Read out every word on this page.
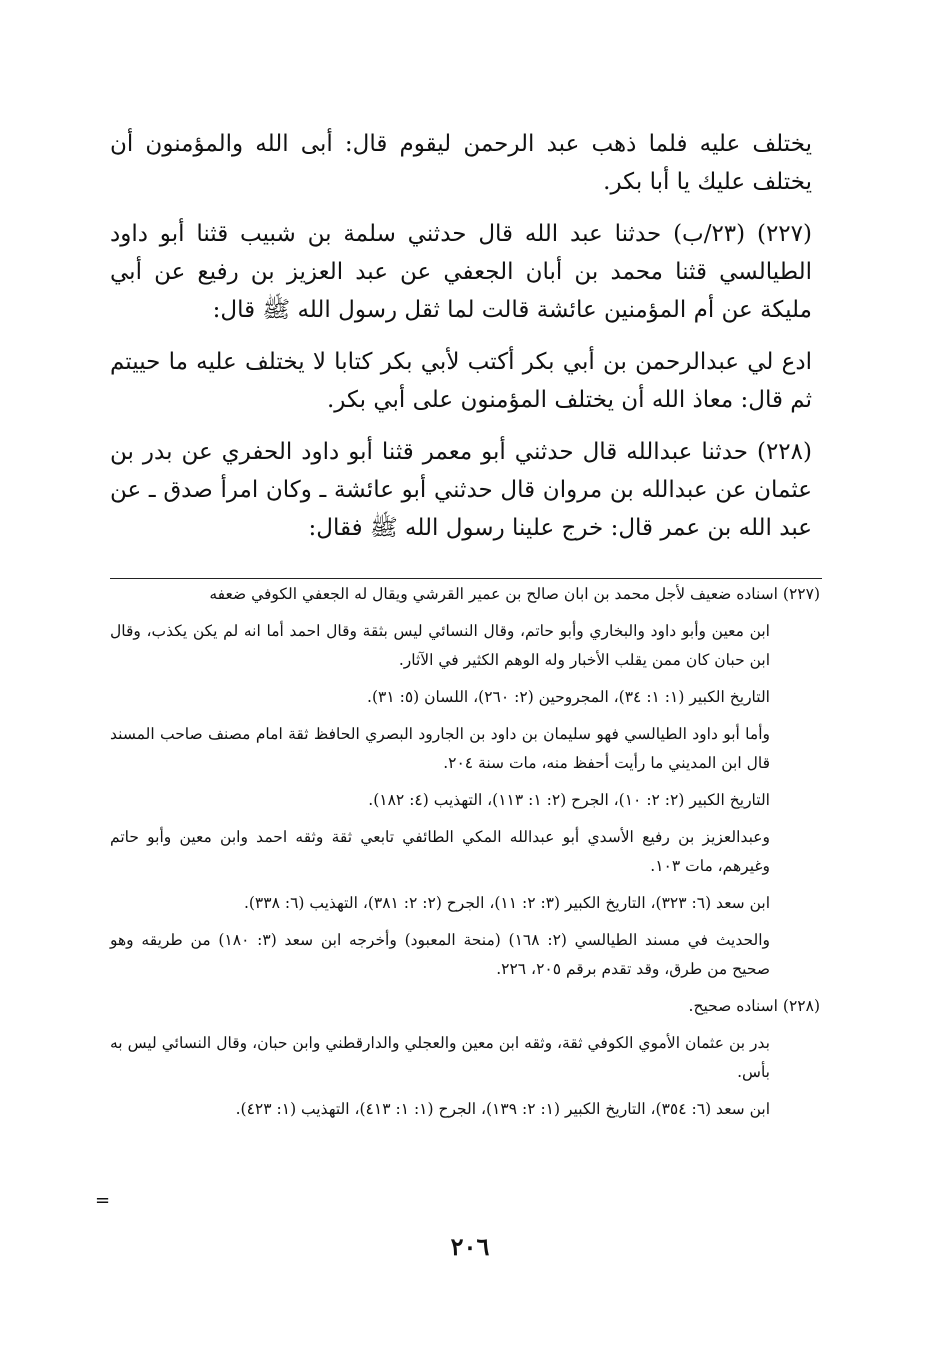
يختلف عليه فلما ذهب عبد الرحمن ليقوم قال: أبى الله والمؤمنون أن يختلف عليك يا أبا بكر.

(٢٢٧) (٢٣/ب) حدثنا عبد الله قال حدثني سلمة بن شبيب قثنا أبو داود الطيالسي قثنا محمد بن أبان الجعفي عن عبد العزيز بن رفيع عن أبي مليكة عن أم المؤمنين عائشة قالت لما ثقل رسول الله ﷺ قال:

ادع لي عبدالرحمن بن أبي بكر أكتب لأبي بكر كتابا لا يختلف عليه ما حييتم ثم قال: معاذ الله أن يختلف المؤمنون على أبي بكر.

(٢٢٨) حدثنا عبدالله قال حدثني أبو معمر قثنا أبو داود الحفري عن بدر بن عثمان عن عبدالله بن مروان قال حدثني أبو عائشة ـ وكان امرأ صدق ـ عن عبد الله بن عمر قال: خرج علينا رسول الله ﷺ فقال:

(٢٢٧) اسناده ضعيف لأجل محمد بن ابان صالح بن عمير القرشي ويقال له الجعفي الكوفي ضعفه

ابن معين وأبو داود والبخاري وأبو حاتم، وقال النسائي ليس بثقة وقال احمد أما انه لم يكن يكذب، وقال ابن حبان كان ممن يقلب الأخبار وله الوهم الكثير في الآثار.

التاريخ الكبير (١: ١: ٣٤)، المجروحين (٢: ٢٦٠)، اللسان (٥: ٣١).

وأما أبو داود الطيالسي فهو سليمان بن داود بن الجارود البصري الحافظ ثقة امام مصنف صاحب المسند قال ابن المديني ما رأيت أحفظ منه، مات سنة ٢٠٤.

التاريخ الكبير (٢: ٢: ١٠)، الجرح (٢: ١: ١١٣)، التهذيب (٤: ١٨٢).

وعبدالعزيز بن رفيع الأسدي أبو عبدالله المكي الطائفي تابعي ثقة وثقه احمد وابن معين وأبو حاتم وغيرهم، مات ١٠٣.

ابن سعد (٦: ٣٢٣)، التاريخ الكبير (٣: ٢: ١١)، الجرح (٢: ٢: ٣٨١)، التهذيب (٦: ٣٣٨).

والحديث في مسند الطيالسي (٢: ١٦٨) (منحة المعبود) وأخرجه ابن سعد (٣: ١٨٠) من طريقه وهو صحيح من طرق، وقد تقدم برقم ٢٠٥، ٢٢٦.

(٢٢٨) اسناده صحيح.

بدر بن عثمان الأموي الكوفي ثقة، وثقه ابن معين والعجلي والدارقطني وابن حبان، وقال النسائي ليس به بأس.

ابن سعد (٦: ٣٥٤)، التاريخ الكبير (١: ٢: ١٣٩)، الجرح (١: ١: ٤١٣)، التهذيب (١: ٤٢٣).

=
٢٠٦
